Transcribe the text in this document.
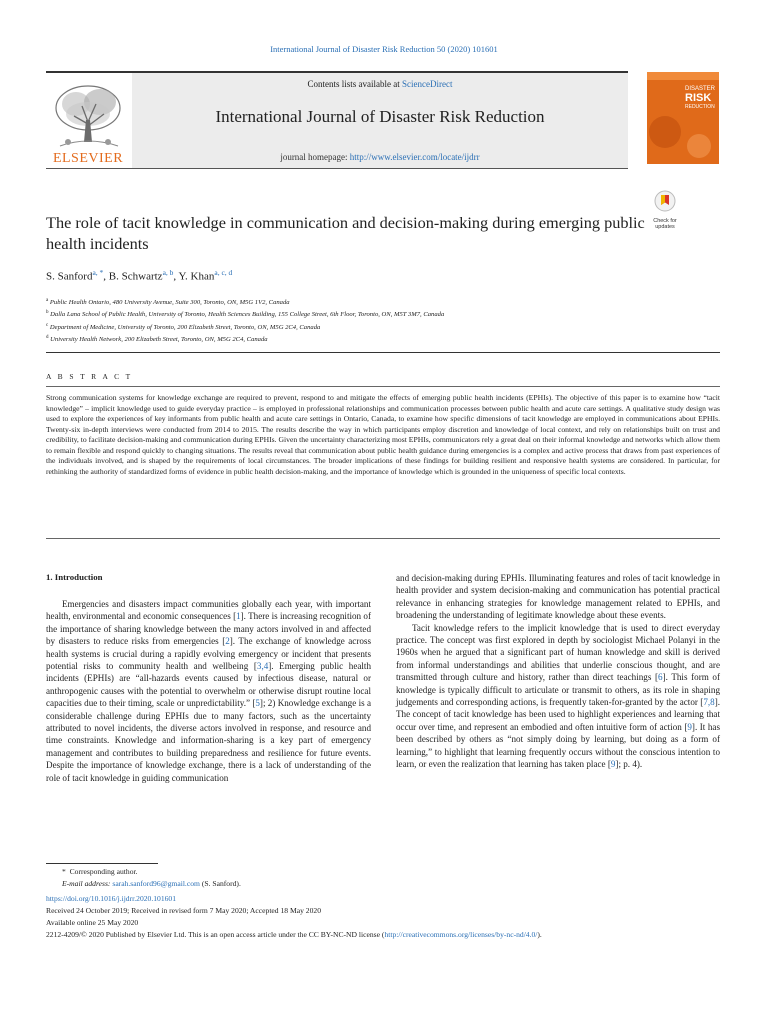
International Journal of Disaster Risk Reduction 50 (2020) 101601
Contents lists available at ScienceDirect
International Journal of Disaster Risk Reduction
journal homepage: http://www.elsevier.com/locate/ijdrr
ELSEVIER
DISASTER
RISK
REDUCTION
Check for
updates
The role of tacit knowledge in communication and decision-making during emerging public health incidents
S. Sanford$^{a, *}$, B. Schwartz$^{a, b}$, Y. Khan$^{a, c, d}$
$^a$ Public Health Ontario, 480 University Avenue, Suite 300, Toronto, ON, M5G 1V2, Canada
$^b$ Dalla Lana School of Public Health, University of Toronto, Health Sciences Building, 155 College Street, 6th Floor, Toronto, ON, M5T 3M7, Canada
$^c$ Department of Medicine, University of Toronto, 200 Elizabeth Street, Toronto, ON, M5G 2C4, Canada
$^d$ University Health Network, 200 Elizabeth Street, Toronto, ON, M5G 2C4, Canada
A B S T R A C T
Strong communication systems for knowledge exchange are required to prevent, respond to and mitigate the effects of emerging public health incidents (EPHIs). The objective of this paper is to examine how “tacit knowledge” – implicit knowledge used to guide everyday practice – is employed in professional relationships and communication processes between public health and acute care settings. A qualitative study design was used to explore the experiences of key informants from public health and acute care settings in Ontario, Canada, to examine how specific dimensions of tacit knowledge are employed in communications about EPHIs. Twenty-six in-depth interviews were conducted from 2014 to 2015. The results describe the way in which participants employ discretion and knowledge of local context, and rely on relationships built on trust and credibility, to facilitate decision-making and communication during EPHIs. Given the uncertainty characterizing most EPHIs, communicators rely a great deal on their informal knowledge and networks which allow them to remain flexible and respond quickly to changing situations. The results reveal that communication about public health guidance during emergencies is a complex and active process that draws from past experiences of the individuals involved, and is shaped by the requirements of local circumstances. The broader implications of these findings for building resilient and responsive health systems are considered. In particular, for rethinking the authority of standardized forms of evidence in public health decision-making, and the importance of knowledge which is grounded in the uniqueness of specific local contexts.
1. Introduction

Emergencies and disasters impact communities globally each year, with important health, environmental and economic consequences [1]. There is increasing recognition of the importance of sharing knowledge between the many actors involved in and affected by disasters to reduce risks from emergencies [2]. The exchange of knowledge across health systems is crucial during a rapidly evolving emergency or incident that presents potential risks to community health and wellbeing [3,4]. Emerging public health incidents (EPHIs) are “all-hazards events caused by infectious disease, natural or anthropogenic causes with the potential to overwhelm or otherwise disrupt routine local capacities due to their timing, scale or unpredictability.” [5]; 2) Knowledge exchange is a considerable challenge during EPHIs due to many factors, such as the uncertainty attributed to novel incidents, the diverse actors involved in response, and resource and time constraints. Knowledge and information-sharing is a key part of emergency management and contributes to building preparedness and resilience for future events. Despite the importance of knowledge exchange, there is a lack of understanding of the role of tacit knowledge in guiding communication

and decision-making during EPHIs. Illuminating features and roles of tacit knowledge in health provider and system decision-making and communication has potential practical relevance in enhancing strategies for knowledge management related to EPHIs, and broadening the understanding of legitimate knowledge about these events.

Tacit knowledge refers to the implicit knowledge that is used to direct everyday practice. The concept was first explored in depth by sociologist Michael Polanyi in the 1960s when he argued that a significant part of human knowledge and skill is derived from informal understandings and abilities that underlie conscious thought, and are transmitted through culture and history, rather than direct teachings [6]. This form of knowledge is typically difficult to articulate or transmit to others, as its role in shaping judgements and corresponding actions, is frequently taken-for-granted by the actor [7,8]. The concept of tacit knowledge has been used to highlight experiences and learning that occur over time, and represent an embodied and often intuitive form of action [9]. It has been described by others as “not simply doing by learning, but doing as a form of learning,” to highlight that learning frequently occurs without the conscious intention to learn, or even the realization that learning has taken place [9]; p. 4).

* Corresponding author.
E-mail address: sarah.sanford96@gmail.com (S. Sanford).
https://doi.org/10.1016/j.ijdrr.2020.101601
Received 24 October 2019; Received in revised form 7 May 2020; Accepted 18 May 2020
Available online 25 May 2020
2212-4209/© 2020 Published by Elsevier Ltd. This is an open access article under the CC BY-NC-ND license (http://creativecommons.org/licenses/by-nc-nd/4.0/).
